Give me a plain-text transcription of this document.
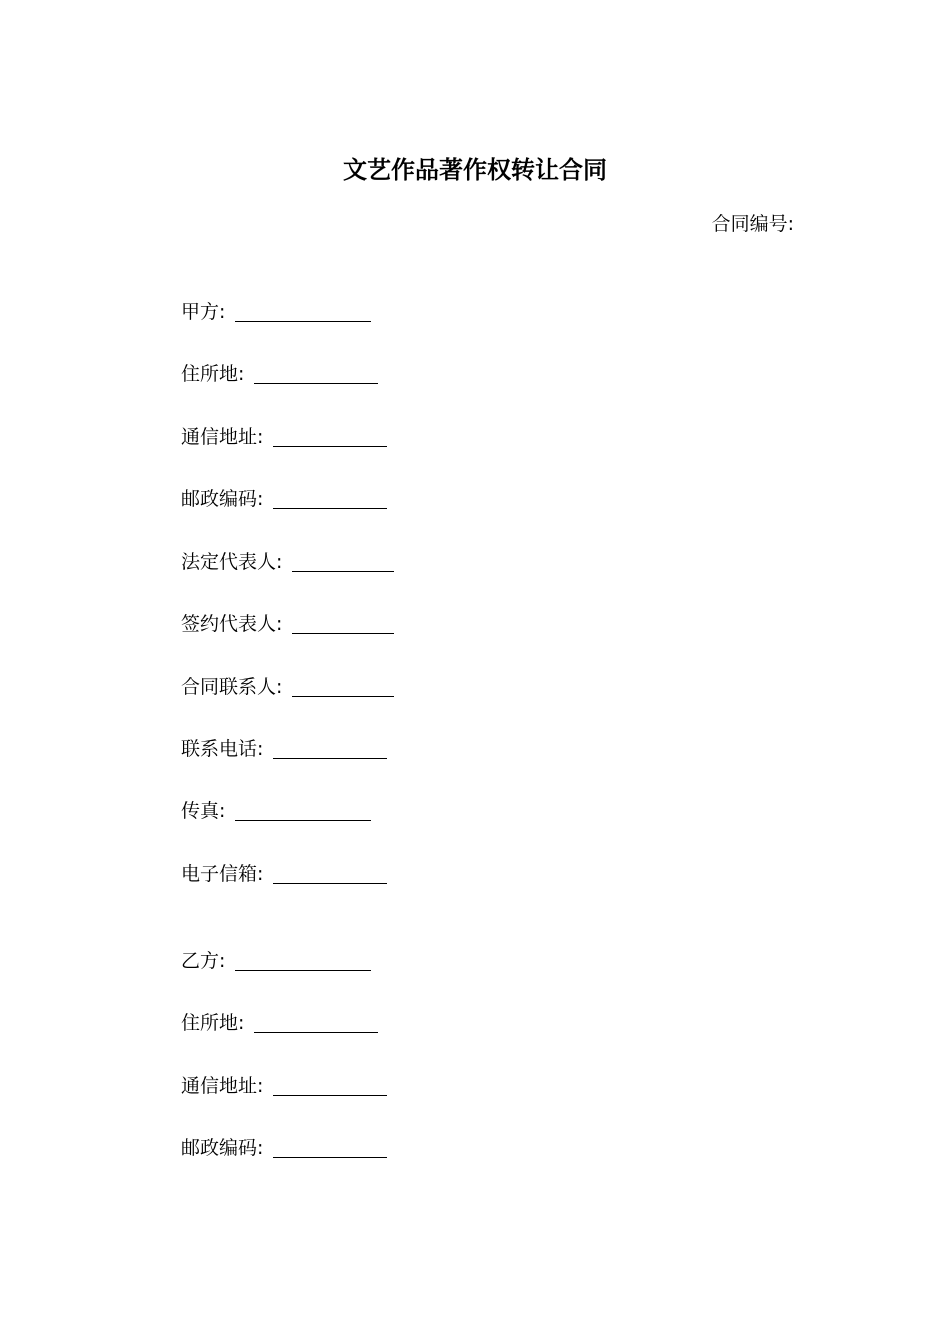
文艺作品著作权转让合同
合同编号:
甲方:
住所地:
通信地址:
邮政编码:
法定代表人:
签约代表人:
合同联系人:
联系电话:
传真:
电子信箱:
乙方:
住所地:
通信地址:
邮政编码:
